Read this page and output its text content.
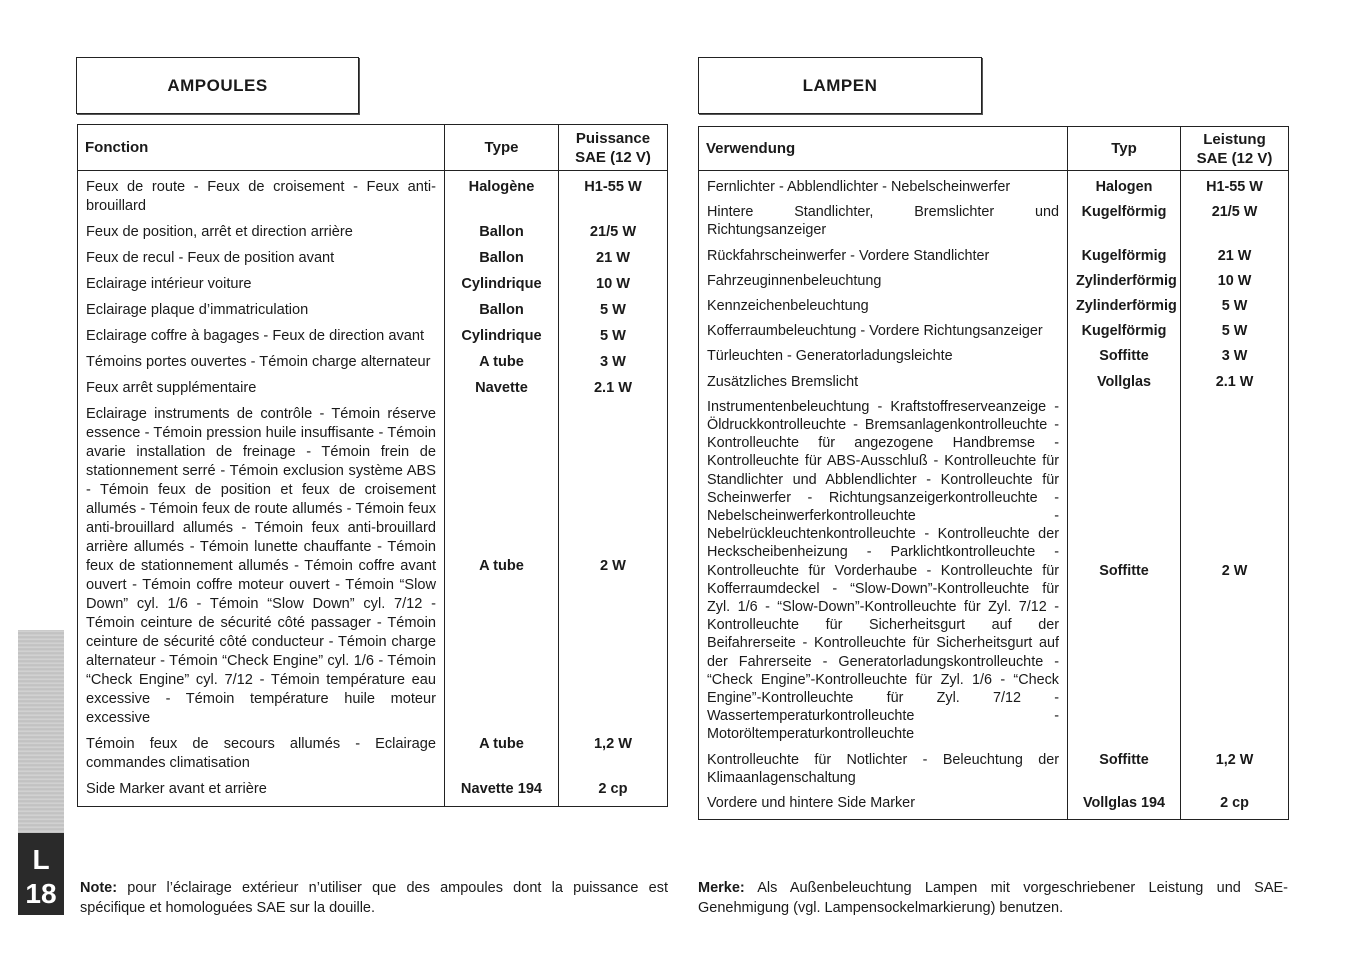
AMPOULES
Fonction	Type	Puissance SAE (12 V)
Feux de route - Feux de croisement - Feux anti-brouillard	Halogène	H1-55 W
Feux de position, arrêt et direction arrière	Ballon	21/5 W
Feux de recul - Feux de position avant	Ballon	21 W
Eclairage intérieur voiture	Cylindrique	10 W
Eclairage plaque d’immatriculation	Ballon	5 W
Eclairage coffre à bagages - Feux de direction avant	Cylindrique	5 W
Témoins portes ouvertes - Témoin charge alternateur	A tube	3 W
Feux arrêt supplémentaire	Navette	2.1 W
Eclairage instruments de contrôle - Témoin réserve essence - Témoin pression huile insuffisante - Témoin avarie installation de freinage - Témoin frein de stationnement serré - Témoin exclusion système ABS - Témoin feux de position et feux de croisement allumés - Témoin feux de route allumés - Témoin feux anti-brouillard allumés - Témoin feux anti-brouillard arrière allumés - Témoin lunette chauffante - Témoin feux de stationnement allumés - Témoin coffre avant ouvert - Témoin coffre moteur ouvert - Témoin “Slow Down” cyl. 1/6 - Témoin “Slow Down” cyl. 7/12 - Témoin ceinture de sécurité côté passager - Témoin ceinture de sécurité côté conducteur - Témoin charge alternateur - Témoin “Check Engine” cyl. 1/6 - Témoin “Check Engine” cyl. 7/12 - Témoin température eau excessive - Témoin température huile moteur excessive	A tube	2 W
Témoin feux de secours allumés - Eclairage commandes climatisation	A tube	1,2 W
Side Marker avant et arrière	Navette 194	2 cp
Note: pour l’éclairage extérieur n’utiliser que des ampoules dont la puissance est spécifique et homologuées SAE sur la douille.
LAMPEN
Verwendung	Typ	Leistung SAE (12 V)
Fernlichter - Abblendlichter - Nebelscheinwerfer	Halogen	H1-55 W
Hintere Standlichter, Bremslichter und Richtungsanzeiger	Kugelförmig	21/5 W
Rückfahrscheinwerfer - Vordere Standlichter	Kugelförmig	21 W
Fahrzeuginnenbeleuchtung	Zylinderförmig	10 W
Kennzeichenbeleuchtung	Zylinderförmig	5 W
Kofferraumbeleuchtung - Vordere Richtungsanzeiger	Kugelförmig	5 W
Türleuchten - Generatorladungsleichte	Soffitte	3 W
Zusätzliches Bremslicht	Vollglas	2.1 W
Instrumentenbeleuchtung - Kraftstoffreserveanzeige - Öldruckkontrolleuchte - Bremsanlagenkontrolleuchte - Kontrolleuchte für angezogene Handbremse - Kontrolleuchte für ABS-Ausschluß - Kontrolleuchte für Standlichter und Abblendlichter - Kontrolleuchte für Scheinwerfer - Richtungsanzeigerkontrolleuchte - Nebelscheinwerferkontrolleuchte - Nebelrückleuchtenkontrolleuchte - Kontrolleuchte der Heckscheibenheizung - Parklichtkontrolleuchte - Kontrolleuchte für Vorderhaube - Kontrolleuchte für Kofferraumdeckel - “Slow-Down”-Kontrolleuchte für Zyl. 1/6 - “Slow-Down”-Kontrolleuchte für Zyl. 7/12 - Kontrolleuchte für Sicherheitsgurt auf der Beifahrerseite - Kontrolleuchte für Sicherheitsgurt auf der Fahrerseite - Generatorladungskontrolleuchte - “Check Engine”-Kontrolleuchte für Zyl. 1/6 - “Check Engine”-Kontrolleuchte für Zyl. 7/12 - Wassertemperaturkontrolleuchte - Motoröltemperaturkontrolleuchte	Soffitte	2 W
Kontrolleuchte für Notlichter - Beleuchtung der Klimaanlagenschaltung	Soffitte	1,2 W
Vordere und hintere Side Marker	Vollglas 194	2 cp
Merke: Als Außenbeleuchtung Lampen mit vorgeschriebener Leistung und SAE-Genehmigung (vgl. Lampensockelmarkierung) benutzen.
L
18
